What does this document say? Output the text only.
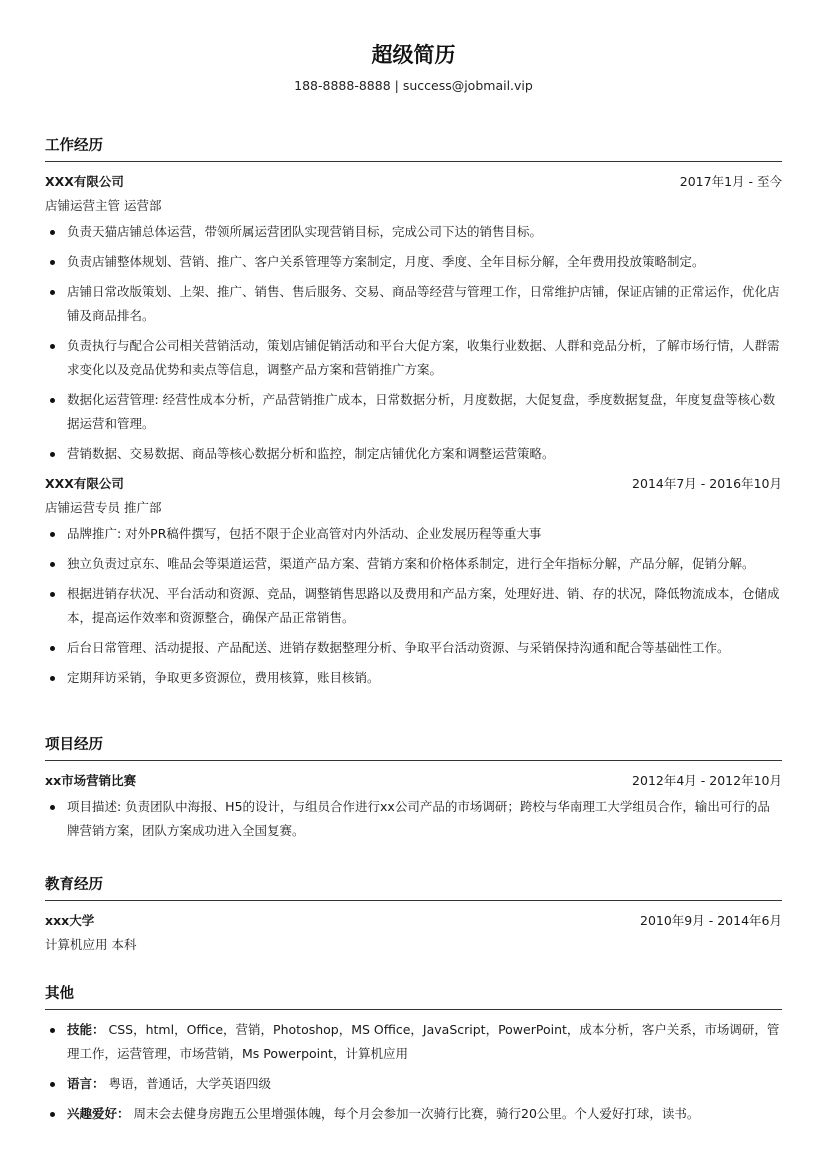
超级简历
188-8888-8888 | success@jobmail.vip
工作经历
XXX有限公司	2017年1月 - 至今
店铺运营主管 运营部
负责天猫店铺总体运营，带领所属运营团队实现营销目标，完成公司下达的销售目标。
负责店铺整体规划、营销、推广、客户关系管理等方案制定，月度、季度、全年目标分解，全年费用投放策略制定。
店铺日常改版策划、上架、推广、销售、售后服务、交易、商品等经营与管理工作，日常维护店铺，保证店铺的正常运作，优化店铺及商品排名。
负责执行与配合公司相关营销活动，策划店铺促销活动和平台大促方案，收集行业数据、人群和竞品分析，了解市场行情，人群需求变化以及竞品优势和卖点等信息，调整产品方案和营销推广方案。
数据化运营管理: 经营性成本分析，产品营销推广成本，日常数据分析，月度数据，大促复盘，季度数据复盘，年度复盘等核心数据运营和管理。
营销数据、交易数据、商品等核心数据分析和监控，制定店铺优化方案和调整运营策略。
XXX有限公司	2014年7月 - 2016年10月
店铺运营专员 推广部
品牌推广: 对外PR稿件撰写，包括不限于企业高管对内外活动、企业发展历程等重大事
独立负责过京东、唯品会等渠道运营，渠道产品方案、营销方案和价格体系制定，进行全年指标分解，产品分解，促销分解。
根据进销存状况、平台活动和资源、竞品，调整销售思路以及费用和产品方案，处理好进、销、存的状况，降低物流成本，仓储成本，提高运作效率和资源整合，确保产品正常销售。
后台日常管理、活动提报、产品配送、进销存数据整理分析、争取平台活动资源、与采销保持沟通和配合等基础性工作。
定期拜访采销，争取更多资源位，费用核算，账目核销。
项目经历
xx市场营销比赛	2012年4月 - 2012年10月
项目描述: 负责团队中海报、H5的设计，与组员合作进行xx公司产品的市场调研；跨校与华南理工大学组员合作，输出可行的品牌营销方案，团队方案成功进入全国复赛。
教育经历
xxx大学	2010年9月 - 2014年6月
计算机应用 本科
其他
技能： CSS，html，Office，营销，Photoshop，MS Office，JavaScript，PowerPoint，成本分析，客户关系，市场调研，管理工作，运营管理，市场营销，Ms Powerpoint，计算机应用
语言： 粤语，普通话，大学英语四级
兴趣爱好： 周末会去健身房跑五公里增强体魄，每个月会参加一次骑行比赛，骑行20公里。个人爱好打球，读书。
